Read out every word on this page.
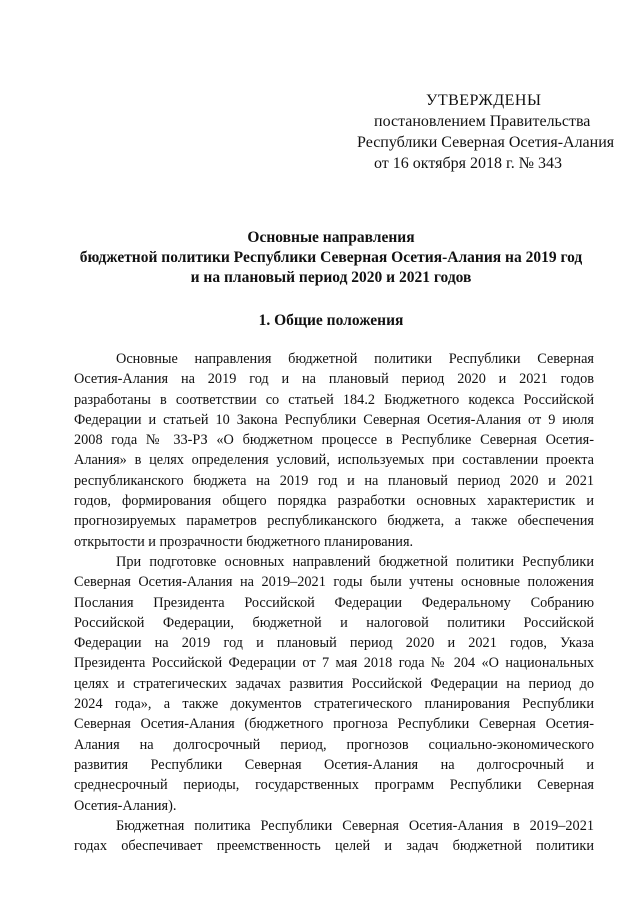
УТВЕРЖДЕНЫ
постановлением Правительства
Республики Северная Осетия-Алания
от 16 октября 2018 г. № 343
Основные направления
бюджетной политики Республики Северная Осетия-Алания на 2019 год
и на плановый период 2020 и 2021 годов
1. Общие положения
Основные направления бюджетной политики Республики Северная
Осетия-Алания на 2019 год и на плановый период 2020 и 2021 годов
разработаны в соответствии со статьей 184.2 Бюджетного кодекса Российской
Федерации и статьей 10 Закона Республики Северная Осетия-Алания от 9 июля
2008 года № 33-РЗ «О бюджетном процессе в Республике Северная Осетия-
Алания» в целях определения условий, используемых при составлении проекта
республиканского бюджета на 2019 год и на плановый период 2020 и 2021
годов, формирования общего порядка разработки основных характеристик и
прогнозируемых параметров республиканского бюджета, а также обеспечения
открытости и прозрачности бюджетного планирования.
При подготовке основных направлений бюджетной политики Республики
Северная Осетия-Алания на 2019–2021 годы были учтены основные положения
Послания Президента Российской Федерации Федеральному Собранию
Российской Федерации, бюджетной и налоговой политики Российской
Федерации на 2019 год и плановый период 2020 и 2021 годов, Указа
Президента Российской Федерации от 7 мая 2018 года № 204 «О национальных
целях и стратегических задачах развития Российской Федерации на период до
2024 года», а также документов стратегического планирования Республики
Северная Осетия-Алания (бюджетного прогноза Республики Северная Осетия-
Алания на долгосрочный период, прогнозов социально-экономического
развития Республики Северная Осетия-Алания на долгосрочный и
среднесрочный периоды, государственных программ Республики Северная
Осетия-Алания).
Бюджетная политика Республики Северная Осетия-Алания в 2019–2021
годах обеспечивает преемственность целей и задач бюджетной политики
